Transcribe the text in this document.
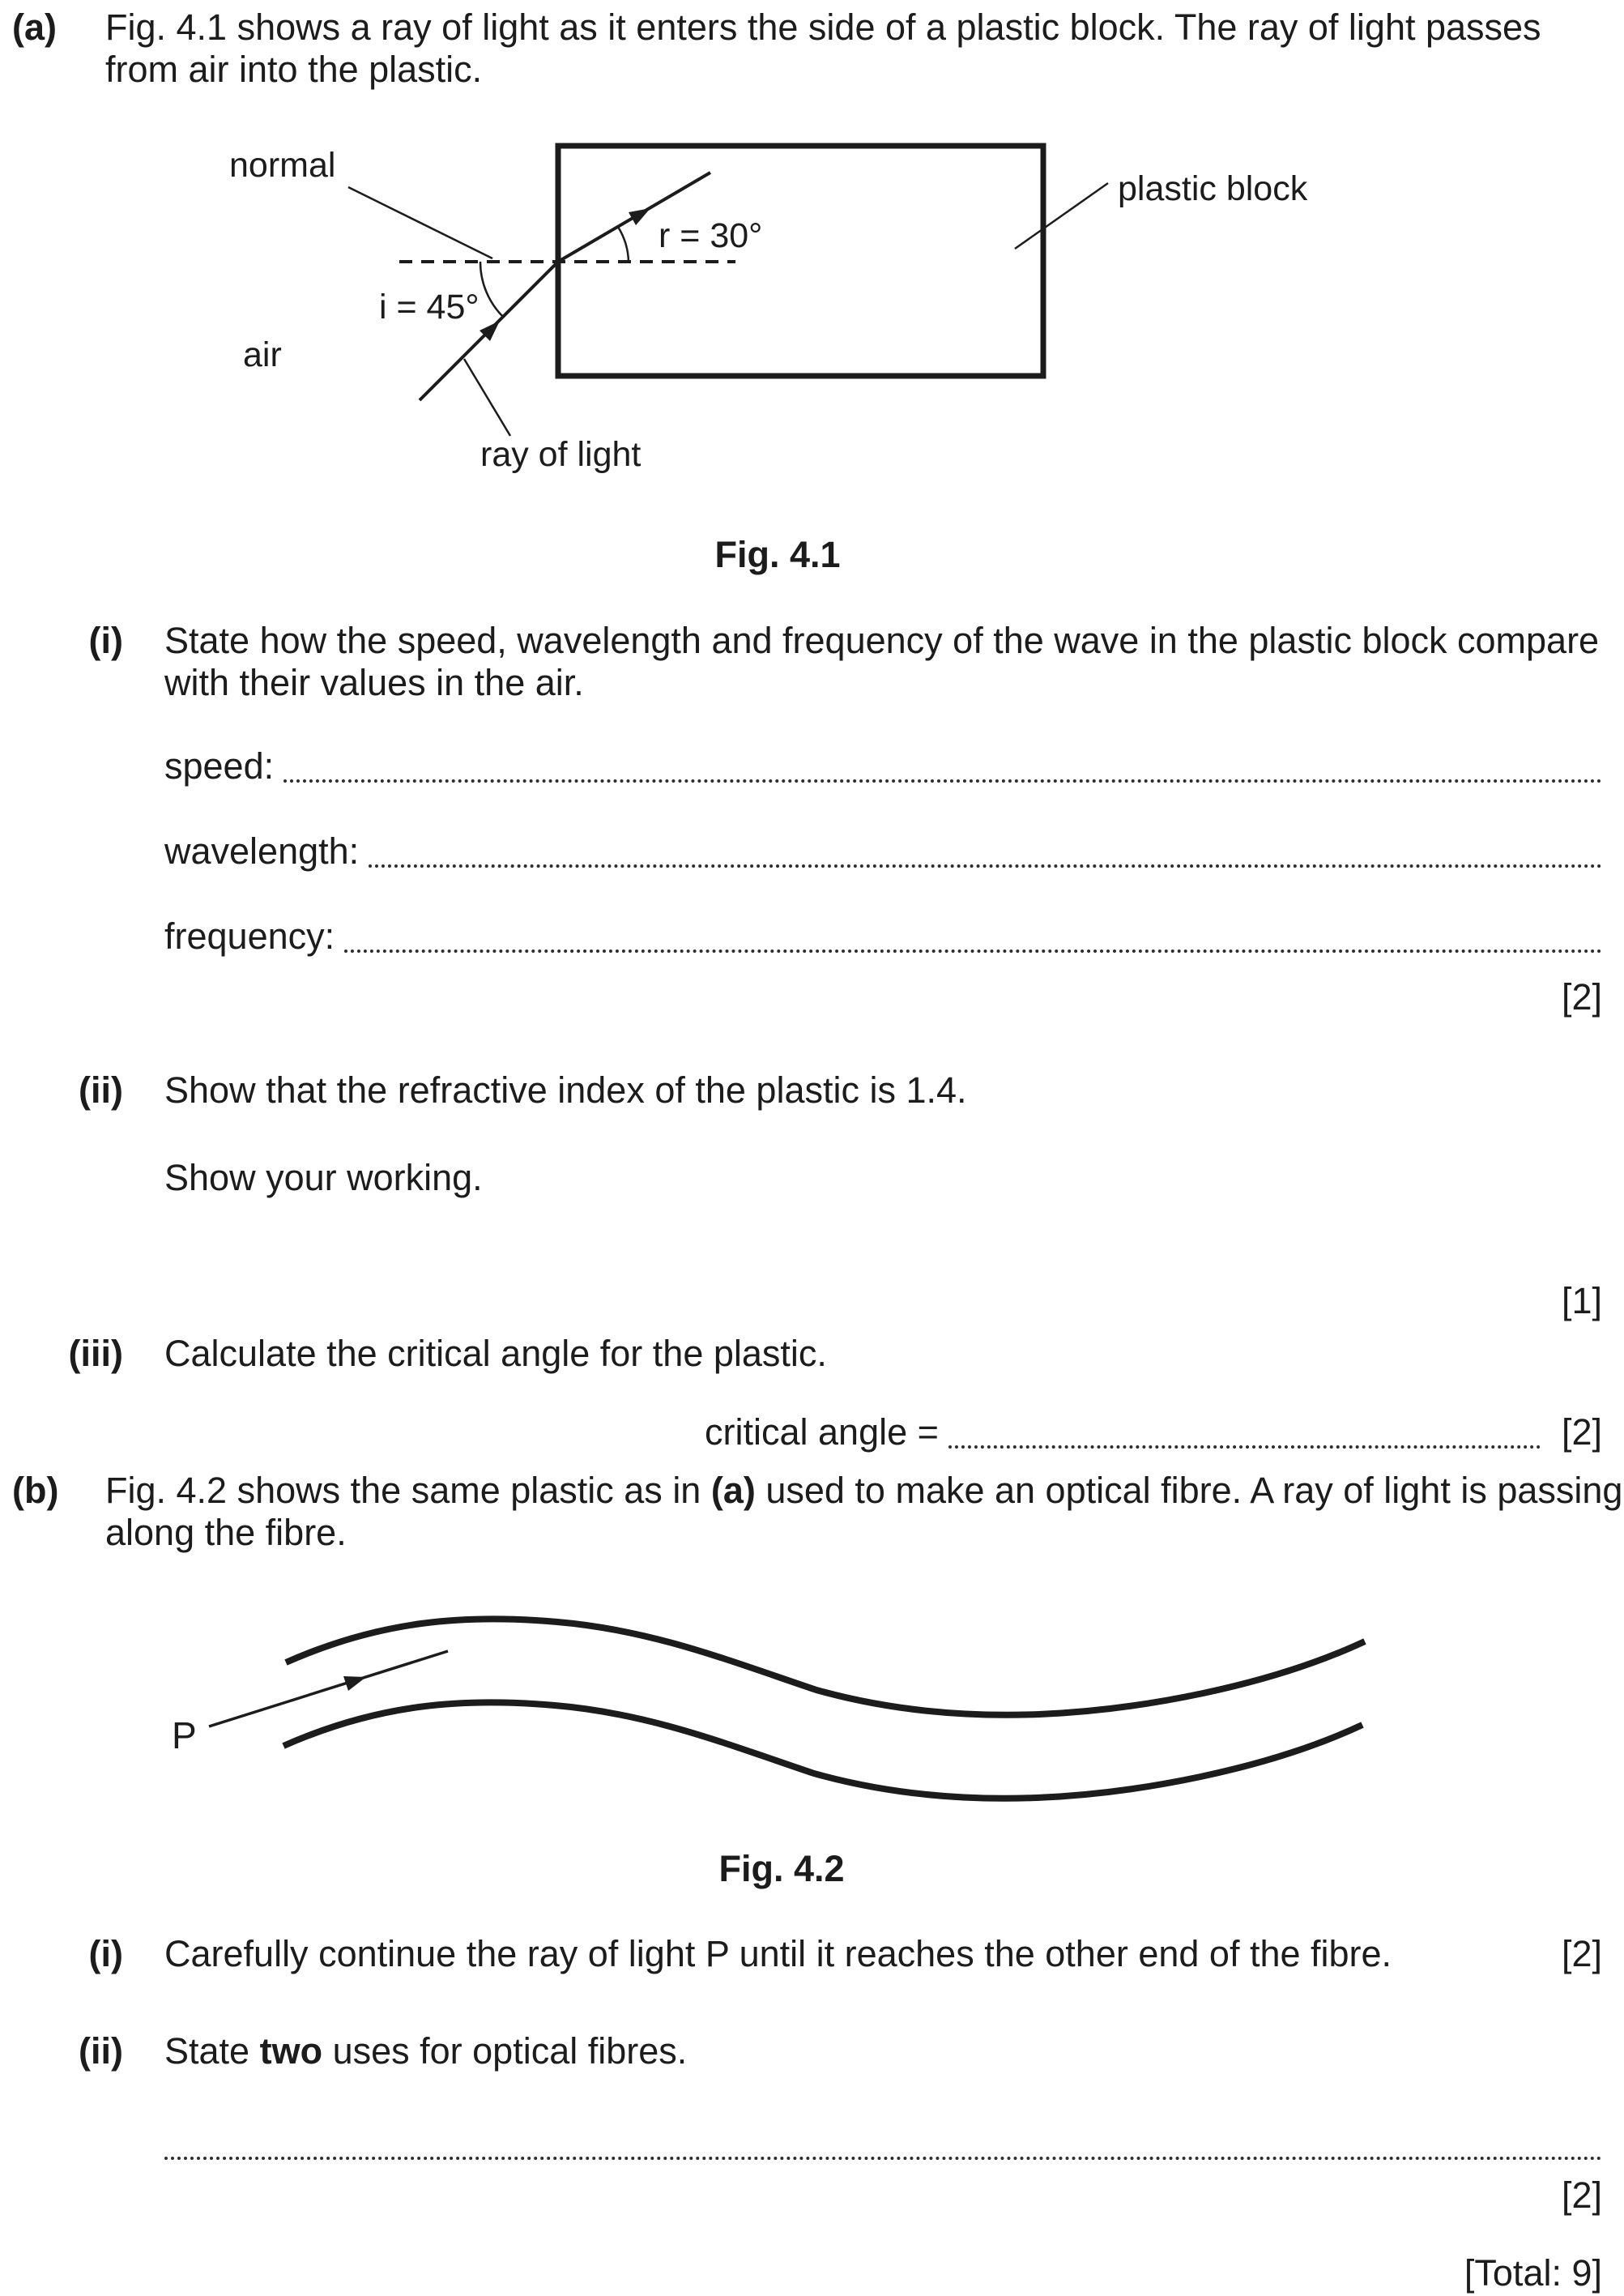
(a) Fig. 4.1 shows a ray of light as it enters the side of a plastic block. The ray of light passes
from air into the plastic.
normal
plastic block
air
ray of light
i = 45°
r = 30°
Fig. 4.1
(i) State how the speed, wavelength and frequency of the wave in the plastic block compare
with their values in the air.
speed:
wavelength:
frequency:
[2]
(ii) Show that the refractive index of the plastic is 1.4.
Show your working.
[1]
(iii) Calculate the critical angle for the plastic.
critical angle =	[2]
(b) Fig. 4.2 shows the same plastic as in (a) used to make an optical fibre. A ray of light is passing
along the fibre.
P
Fig. 4.2
(i) Carefully continue the ray of light P until it reaches the other end of the fibre.	[2]
(ii) State two uses for optical fibres.
[2]
[Total: 9]
